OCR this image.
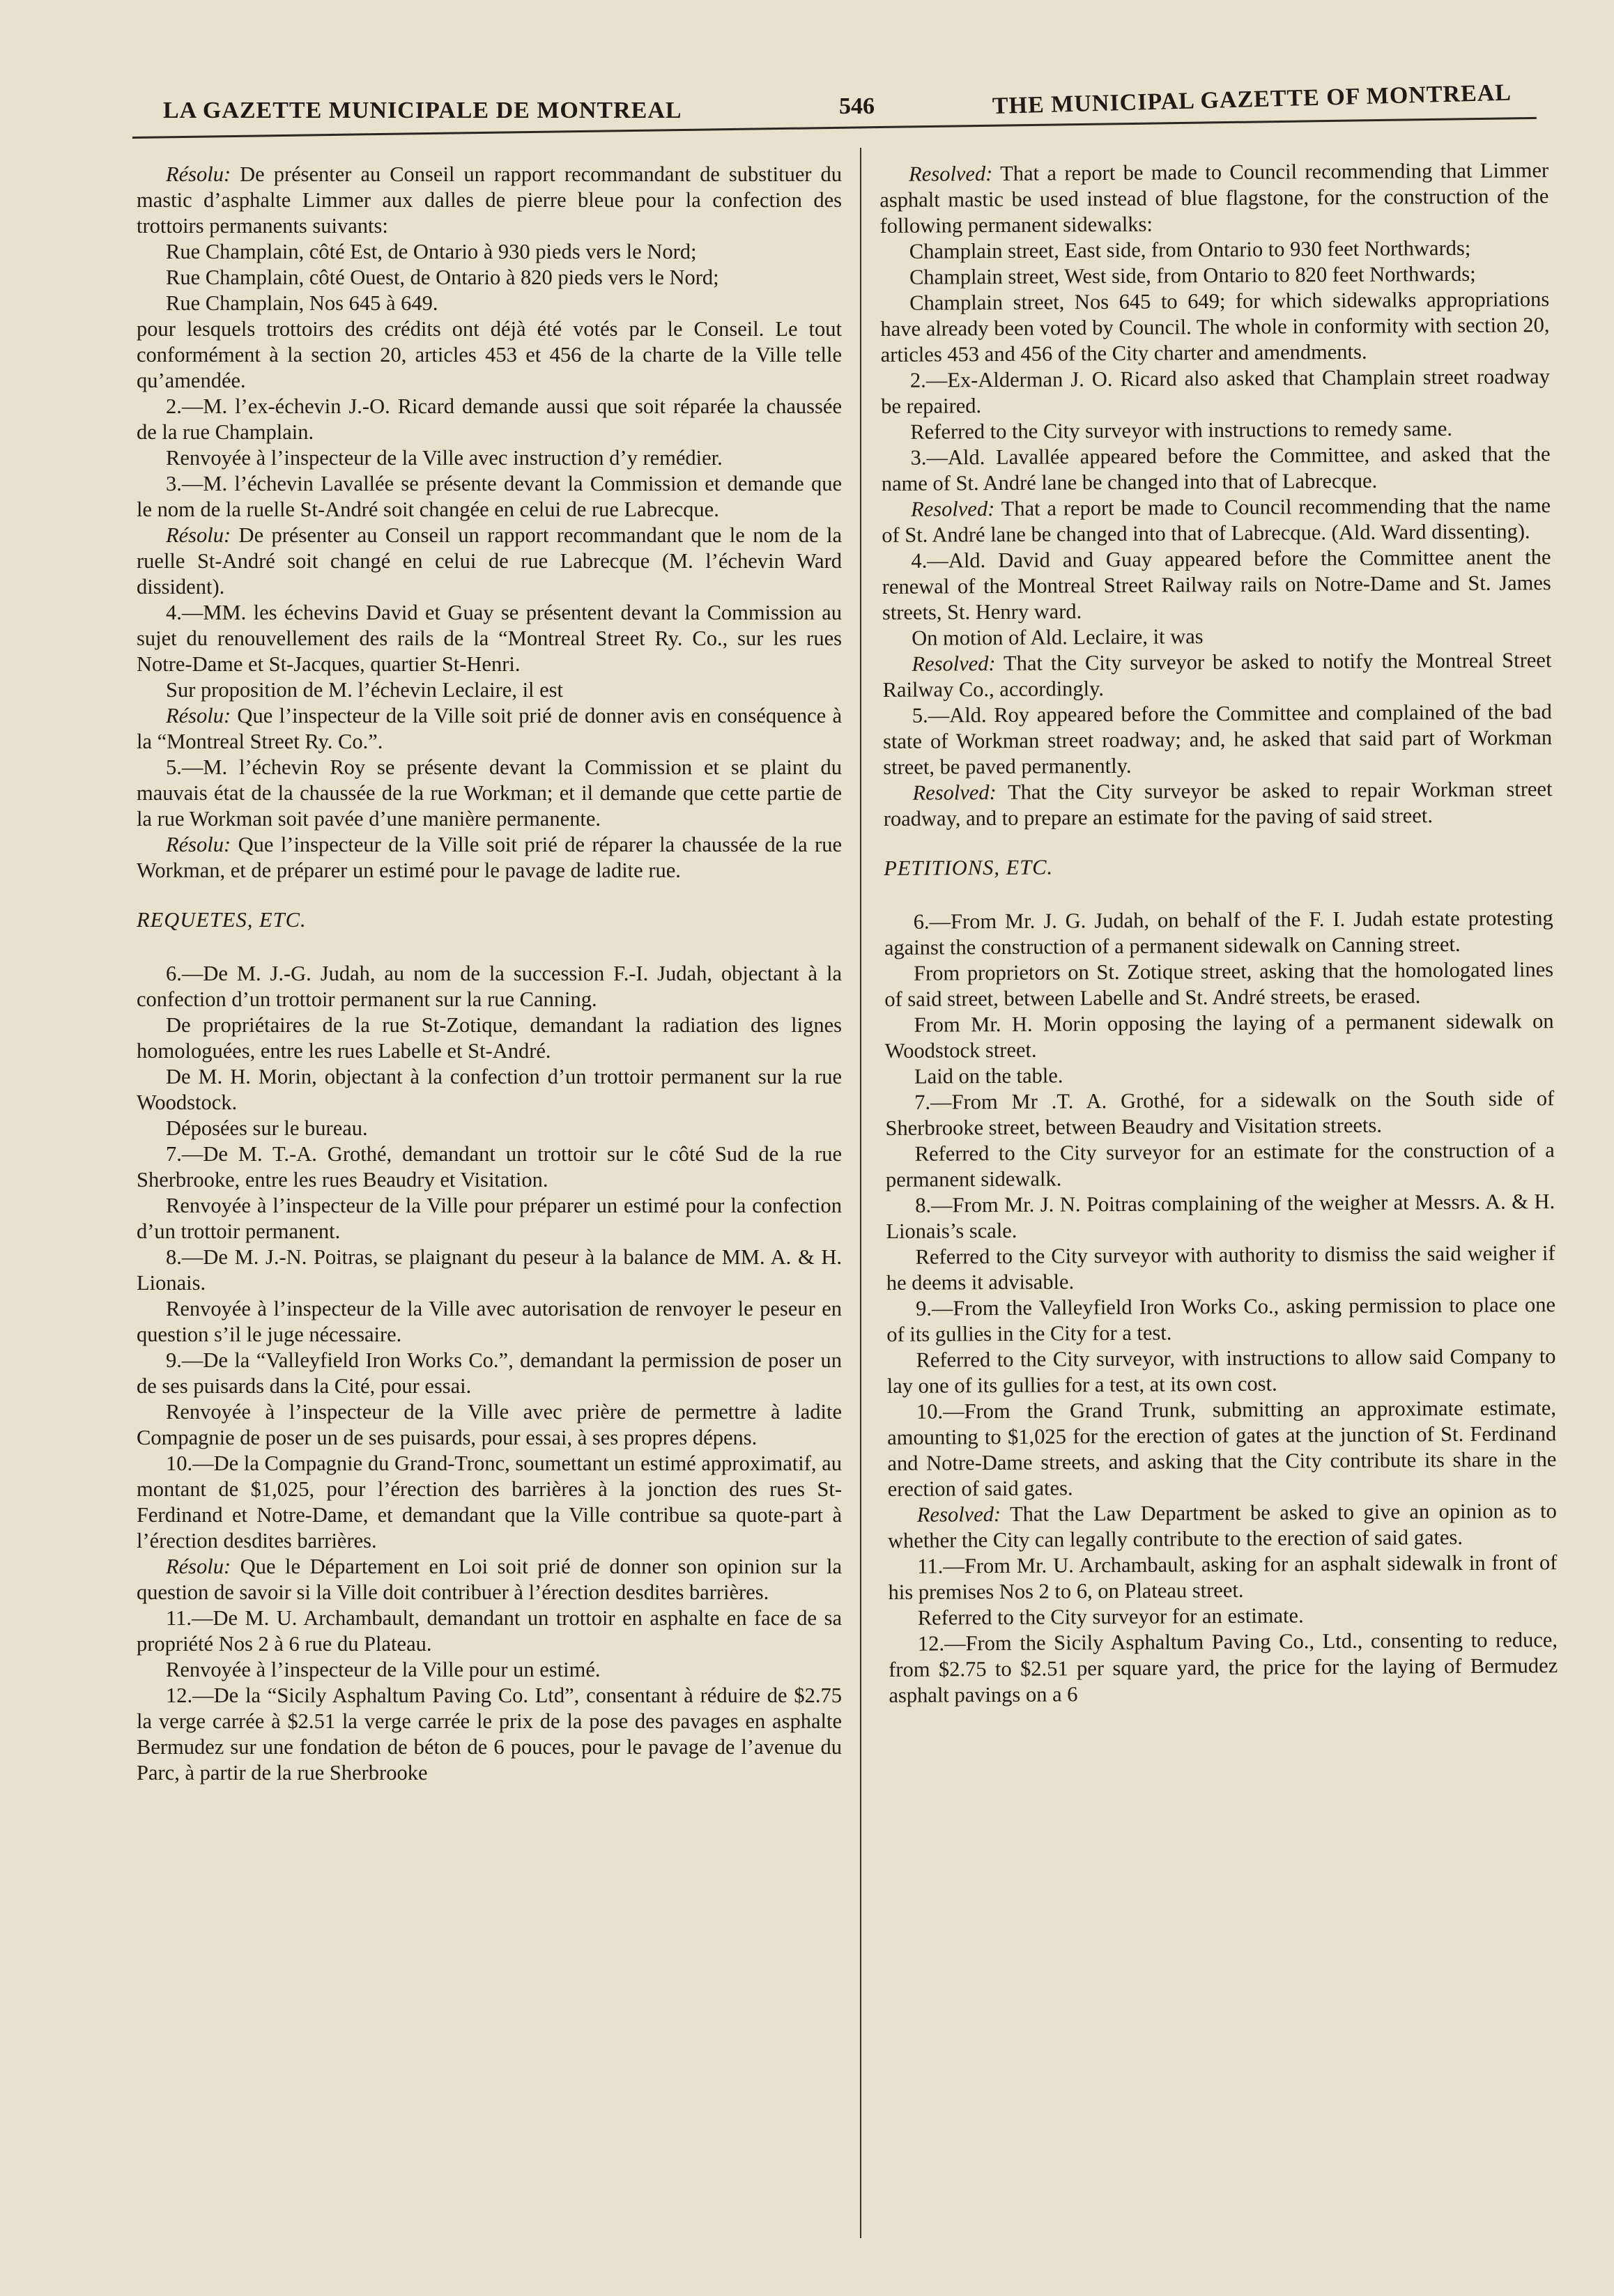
LA GAZETTE MUNICIPALE DE MONTREAL	546	THE MUNICIPAL GAZETTE OF MONTREAL

Résolu: De présenter au Conseil un rapport recommandant de substituer du mastic d’asphalte Limmer aux dalles de pierre bleue pour la confection des trottoirs permanents suivants:

Rue Champlain, côté Est, de Ontario à 930 pieds vers le Nord;

Rue Champlain, côté Ouest, de Ontario à 820 pieds vers le Nord;

Rue Champlain, Nos 645 à 649.

pour lesquels trottoirs des crédits ont déjà été votés par le Conseil. Le tout conformément à la section 20, articles 453 et 456 de la charte de la Ville telle qu’amendée.

2.—M. l’ex-échevin J.-O. Ricard demande aussi que soit réparée la chaussée de la rue Champlain.

Renvoyée à l’inspecteur de la Ville avec instruction d’y remédier.

3.—M. l’échevin Lavallée se présente devant la Commission et demande que le nom de la ruelle St-André soit changée en celui de rue Labrecque.

Résolu: De présenter au Conseil un rapport recommandant que le nom de la ruelle St-André soit changé en celui de rue Labrecque (M. l’échevin Ward dissident).

4.—MM. les échevins David et Guay se présentent devant la Commission au sujet du renouvellement des rails de la “Montreal Street Ry. Co., sur les rues Notre-Dame et St-Jacques, quartier St-Henri.

Sur proposition de M. l’échevin Leclaire, il est

Résolu: Que l’inspecteur de la Ville soit prié de donner avis en conséquence à la “Montreal Street Ry. Co.”.

5.—M. l’échevin Roy se présente devant la Commission et se plaint du mauvais état de la chaussée de la rue Workman; et il demande que cette partie de la rue Workman soit pavée d’une manière permanente.

Résolu: Que l’inspecteur de la Ville soit prié de réparer la chaussée de la rue Workman, et de préparer un estimé pour le pavage de ladite rue.

REQUETES, ETC.

6.—De M. J.-G. Judah, au nom de la succession F.-I. Judah, objectant à la confection d’un trottoir permanent sur la rue Canning.

De propriétaires de la rue St-Zotique, demandant la radiation des lignes homologuées, entre les rues Labelle et St-André.

De M. H. Morin, objectant à la confection d’un trottoir permanent sur la rue Woodstock.

Déposées sur le bureau.

7.—De M. T.-A. Grothé, demandant un trottoir sur le côté Sud de la rue Sherbrooke, entre les rues Beaudry et Visitation.

Renvoyée à l’inspecteur de la Ville pour préparer un estimé pour la confection d’un trottoir permanent.

8.—De M. J.-N. Poitras, se plaignant du peseur à la balance de MM. A. & H. Lionais.

Renvoyée à l’inspecteur de la Ville avec autorisation de renvoyer le peseur en question s’il le juge nécessaire.

9.—De la “Valleyfield Iron Works Co.”, demandant la permission de poser un de ses puisards dans la Cité, pour essai.

Renvoyée à l’inspecteur de la Ville avec prière de permettre à ladite Compagnie de poser un de ses puisards, pour essai, à ses propres dépens.

10.—De la Compagnie du Grand-Tronc, soumettant un estimé approximatif, au montant de $1,025, pour l’érection des barrières à la jonction des rues St-Ferdinand et Notre-Dame, et demandant que la Ville contribue sa quote-part à l’érection desdites barrières.

Résolu: Que le Département en Loi soit prié de donner son opinion sur la question de savoir si la Ville doit contribuer à l’érection desdites barrières.

11.—De M. U. Archambault, demandant un trottoir en asphalte en face de sa propriété Nos 2 à 6 rue du Plateau.

Renvoyée à l’inspecteur de la Ville pour un estimé.

12.—De la “Sicily Asphaltum Paving Co. Ltd”, consentant à réduire de $2.75 la verge carrée à $2.51 la verge carrée le prix de la pose des pavages en asphalte Bermudez sur une fondation de béton de 6 pouces, pour le pavage de l’avenue du Parc, à partir de la rue Sherbrooke

Resolved: That a report be made to Council recommending that Limmer asphalt mastic be used instead of blue flagstone, for the construction of the following permanent sidewalks:

Champlain street, East side, from Ontario to 930 feet Northwards;

Champlain street, West side, from Ontario to 820 feet Northwards;

Champlain street, Nos 645 to 649; for which sidewalks appropriations have already been voted by Council. The whole in conformity with section 20, articles 453 and 456 of the City charter and amendments.

2.—Ex-Alderman J. O. Ricard also asked that Champlain street roadway be repaired.

Referred to the City surveyor with instructions to remedy same.

3.—Ald. Lavallée appeared before the Committee, and asked that the name of St. André lane be changed into that of Labrecque.

Resolved: That a report be made to Council recommending that the name of St. André lane be changed into that of Labrecque. (Ald. Ward dissenting).

4.—Ald. David and Guay appeared before the Committee anent the renewal of the Montreal Street Railway rails on Notre-Dame and St. James streets, St. Henry ward.

On motion of Ald. Leclaire, it was

Resolved: That the City surveyor be asked to notify the Montreal Street Railway Co., accordingly.

5.—Ald. Roy appeared before the Committee and complained of the bad state of Workman street roadway; and, he asked that said part of Workman street, be paved permanently.

Resolved: That the City surveyor be asked to repair Workman street roadway, and to prepare an estimate for the paving of said street.

PETITIONS, ETC.

6.—From Mr. J. G. Judah, on behalf of the F. I. Judah estate protesting against the construction of a permanent sidewalk on Canning street.

From proprietors on St. Zotique street, asking that the homologated lines of said street, between Labelle and St. André streets, be erased.

From Mr. H. Morin opposing the laying of a permanent sidewalk on Woodstock street.

Laid on the table.

7.—From Mr .T. A. Grothé, for a sidewalk on the South side of Sherbrooke street, between Beaudry and Visitation streets.

Referred to the City surveyor for an estimate for the construction of a permanent sidewalk.

8.—From Mr. J. N. Poitras complaining of the weigher at Messrs. A. & H. Lionais’s scale.

Referred to the City surveyor with authority to dismiss the said weigher if he deems it advisable.

9.—From the Valleyfield Iron Works Co., asking permission to place one of its gullies in the City for a test.

Referred to the City surveyor, with instructions to allow said Company to lay one of its gullies for a test, at its own cost.

10.—From the Grand Trunk, submitting an approximate estimate, amounting to $1,025 for the erection of gates at the junction of St. Ferdinand and Notre-Dame streets, and asking that the City contribute its share in the erection of said gates.

Resolved: That the Law Department be asked to give an opinion as to whether the City can legally contribute to the erection of said gates.

11.—From Mr. U. Archambault, asking for an asphalt sidewalk in front of his premises Nos 2 to 6, on Plateau street.

Referred to the City surveyor for an estimate.

12.—From the Sicily Asphaltum Paving Co., Ltd., consenting to reduce, from $2.75 to $2.51 per square yard, the price for the laying of Bermudez asphalt pavings on a 6
